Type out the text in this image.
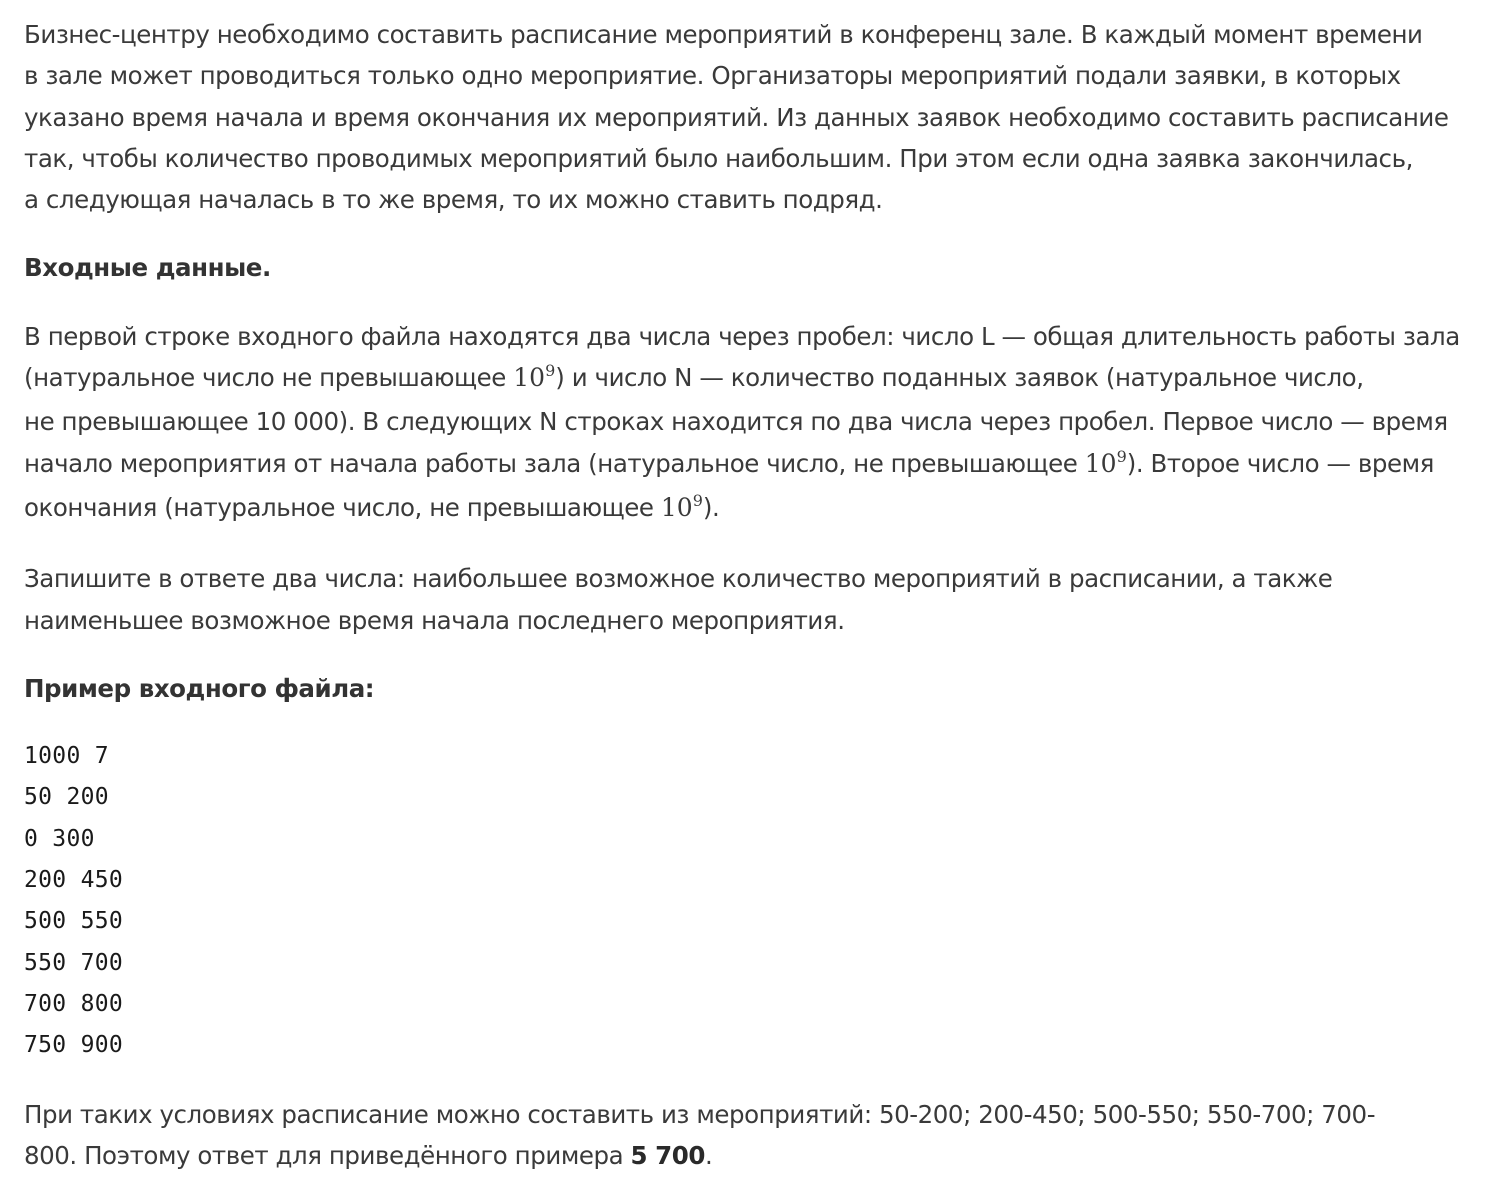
Бизнес-центру необходимо составить расписание мероприятий в конференц зале. В каждый момент времени
в зале может проводиться только одно мероприятие. Организаторы мероприятий подали заявки, в которых
указано время начала и время окончания их мероприятий. Из данных заявок необходимо составить расписание
так, чтобы количество проводимых мероприятий было наибольшим. При этом если одна заявка закончилась,
а следующая началась в то же время, то их можно ставить подряд.

Входные данные.

В первой строке входного файла находятся два числа через пробел: число L — общая длительность работы зала
(натуральное число не превышающее $10^9$) и число N — количество поданных заявок (натуральное число,
не превышающее 10 000). В следующих N строках находится по два числа через пробел. Первое число — время
начало мероприятия от начала работы зала (натуральное число, не превышающее $10^9$). Второе число — время
окончания (натуральное число, не превышающее $10^9$).

Запишите в ответе два числа: наибольшее возможное количество мероприятий в расписании, а также
наименьшее возможное время начала последнего мероприятия.

Пример входного файла:

1000 7
50 200
0 300
200 450
500 550
550 700
700 800
750 900

При таких условиях расписание можно составить из мероприятий: 50-200; 200-450; 500-550; 550-700; 700-
800. Поэтому ответ для приведённого примера 5 700.
